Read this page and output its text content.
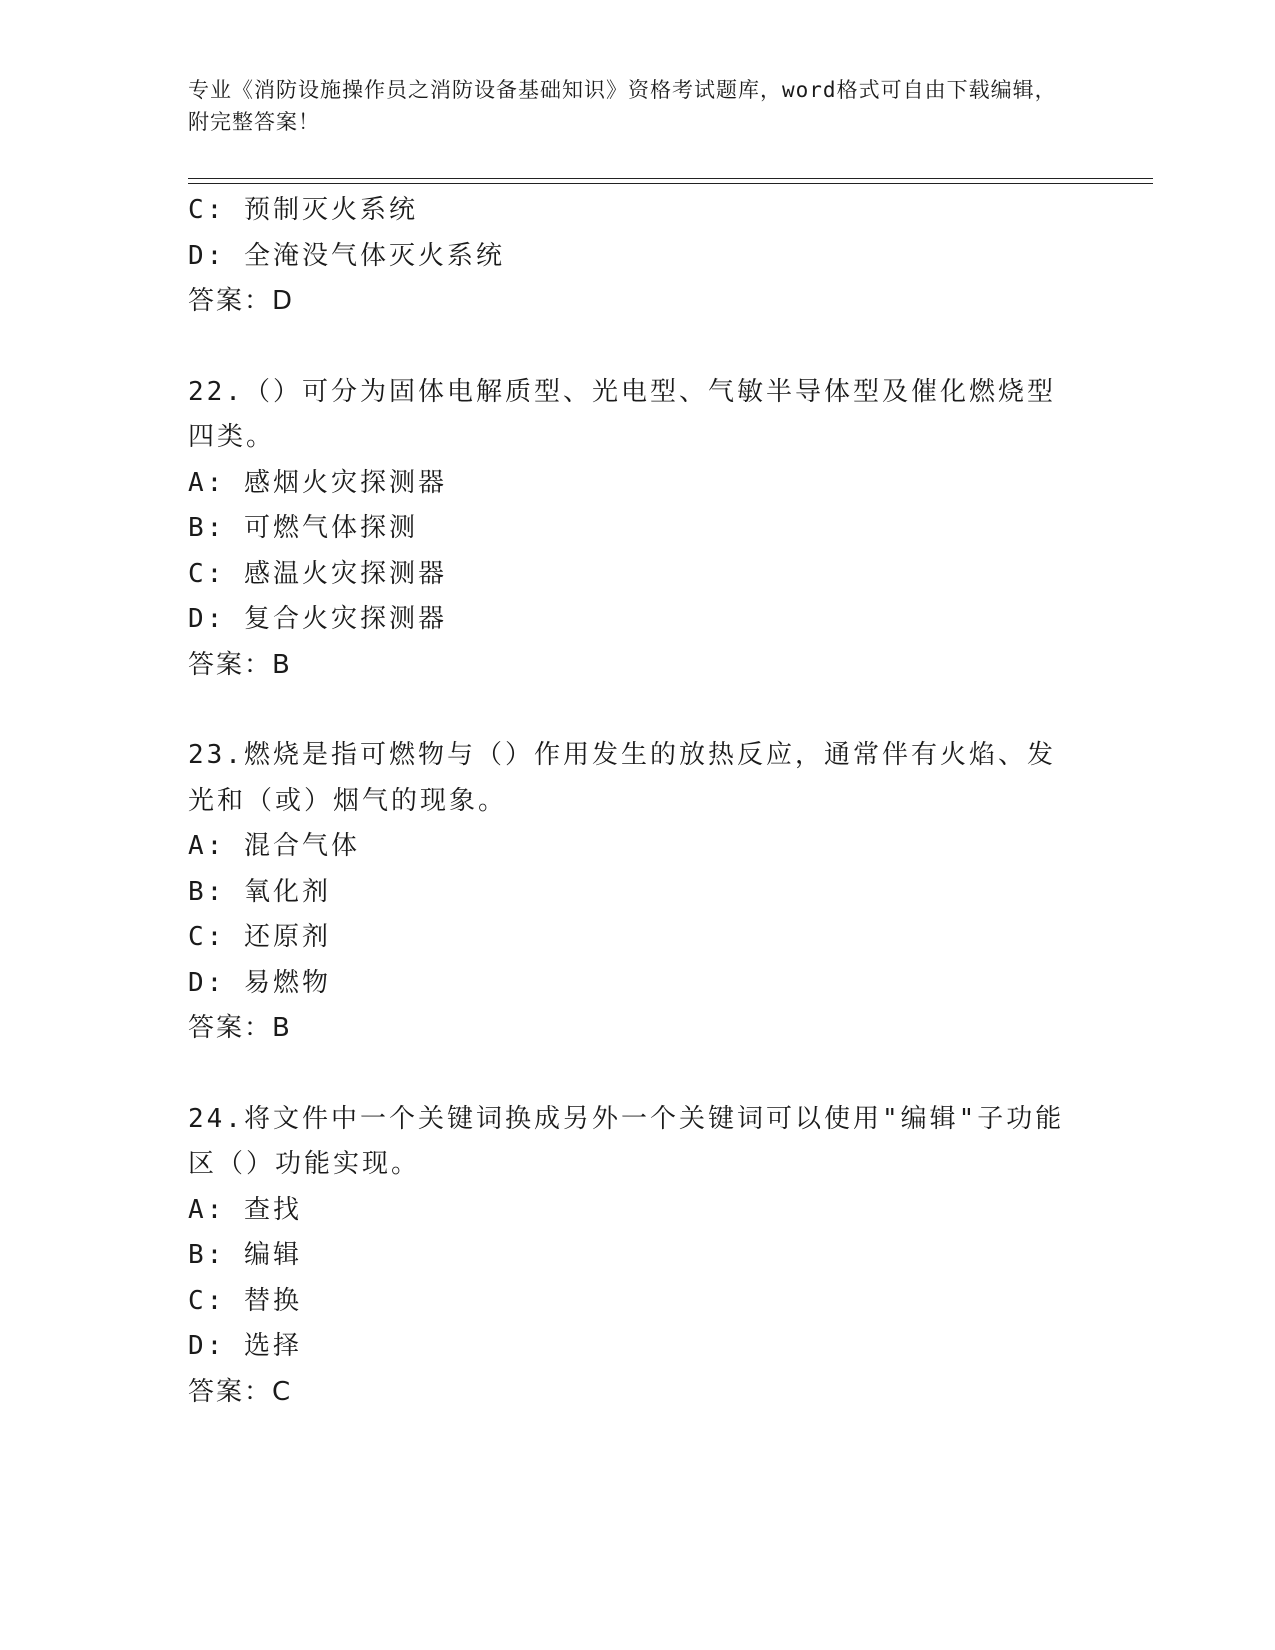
专业《消防设施操作员之消防设备基础知识》资格考试题库，word格式可自由下载编辑，附完整答案！
C: 预制灭火系统
D: 全淹没气体灭火系统
答案：D
22.（）可分为固体电解质型、光电型、气敏半导体型及催化燃烧型四类。
A: 感烟火灾探测器
B: 可燃气体探测
C: 感温火灾探测器
D: 复合火灾探测器
答案：B
23.燃烧是指可燃物与（）作用发生的放热反应，通常伴有火焰、发光和（或）烟气的现象。
A: 混合气体
B: 氧化剂
C: 还原剂
D: 易燃物
答案：B
24.将文件中一个关键词换成另外一个关键词可以使用"编辑"子功能区（）功能实现。
A: 查找
B: 编辑
C: 替换
D: 选择
答案：C
